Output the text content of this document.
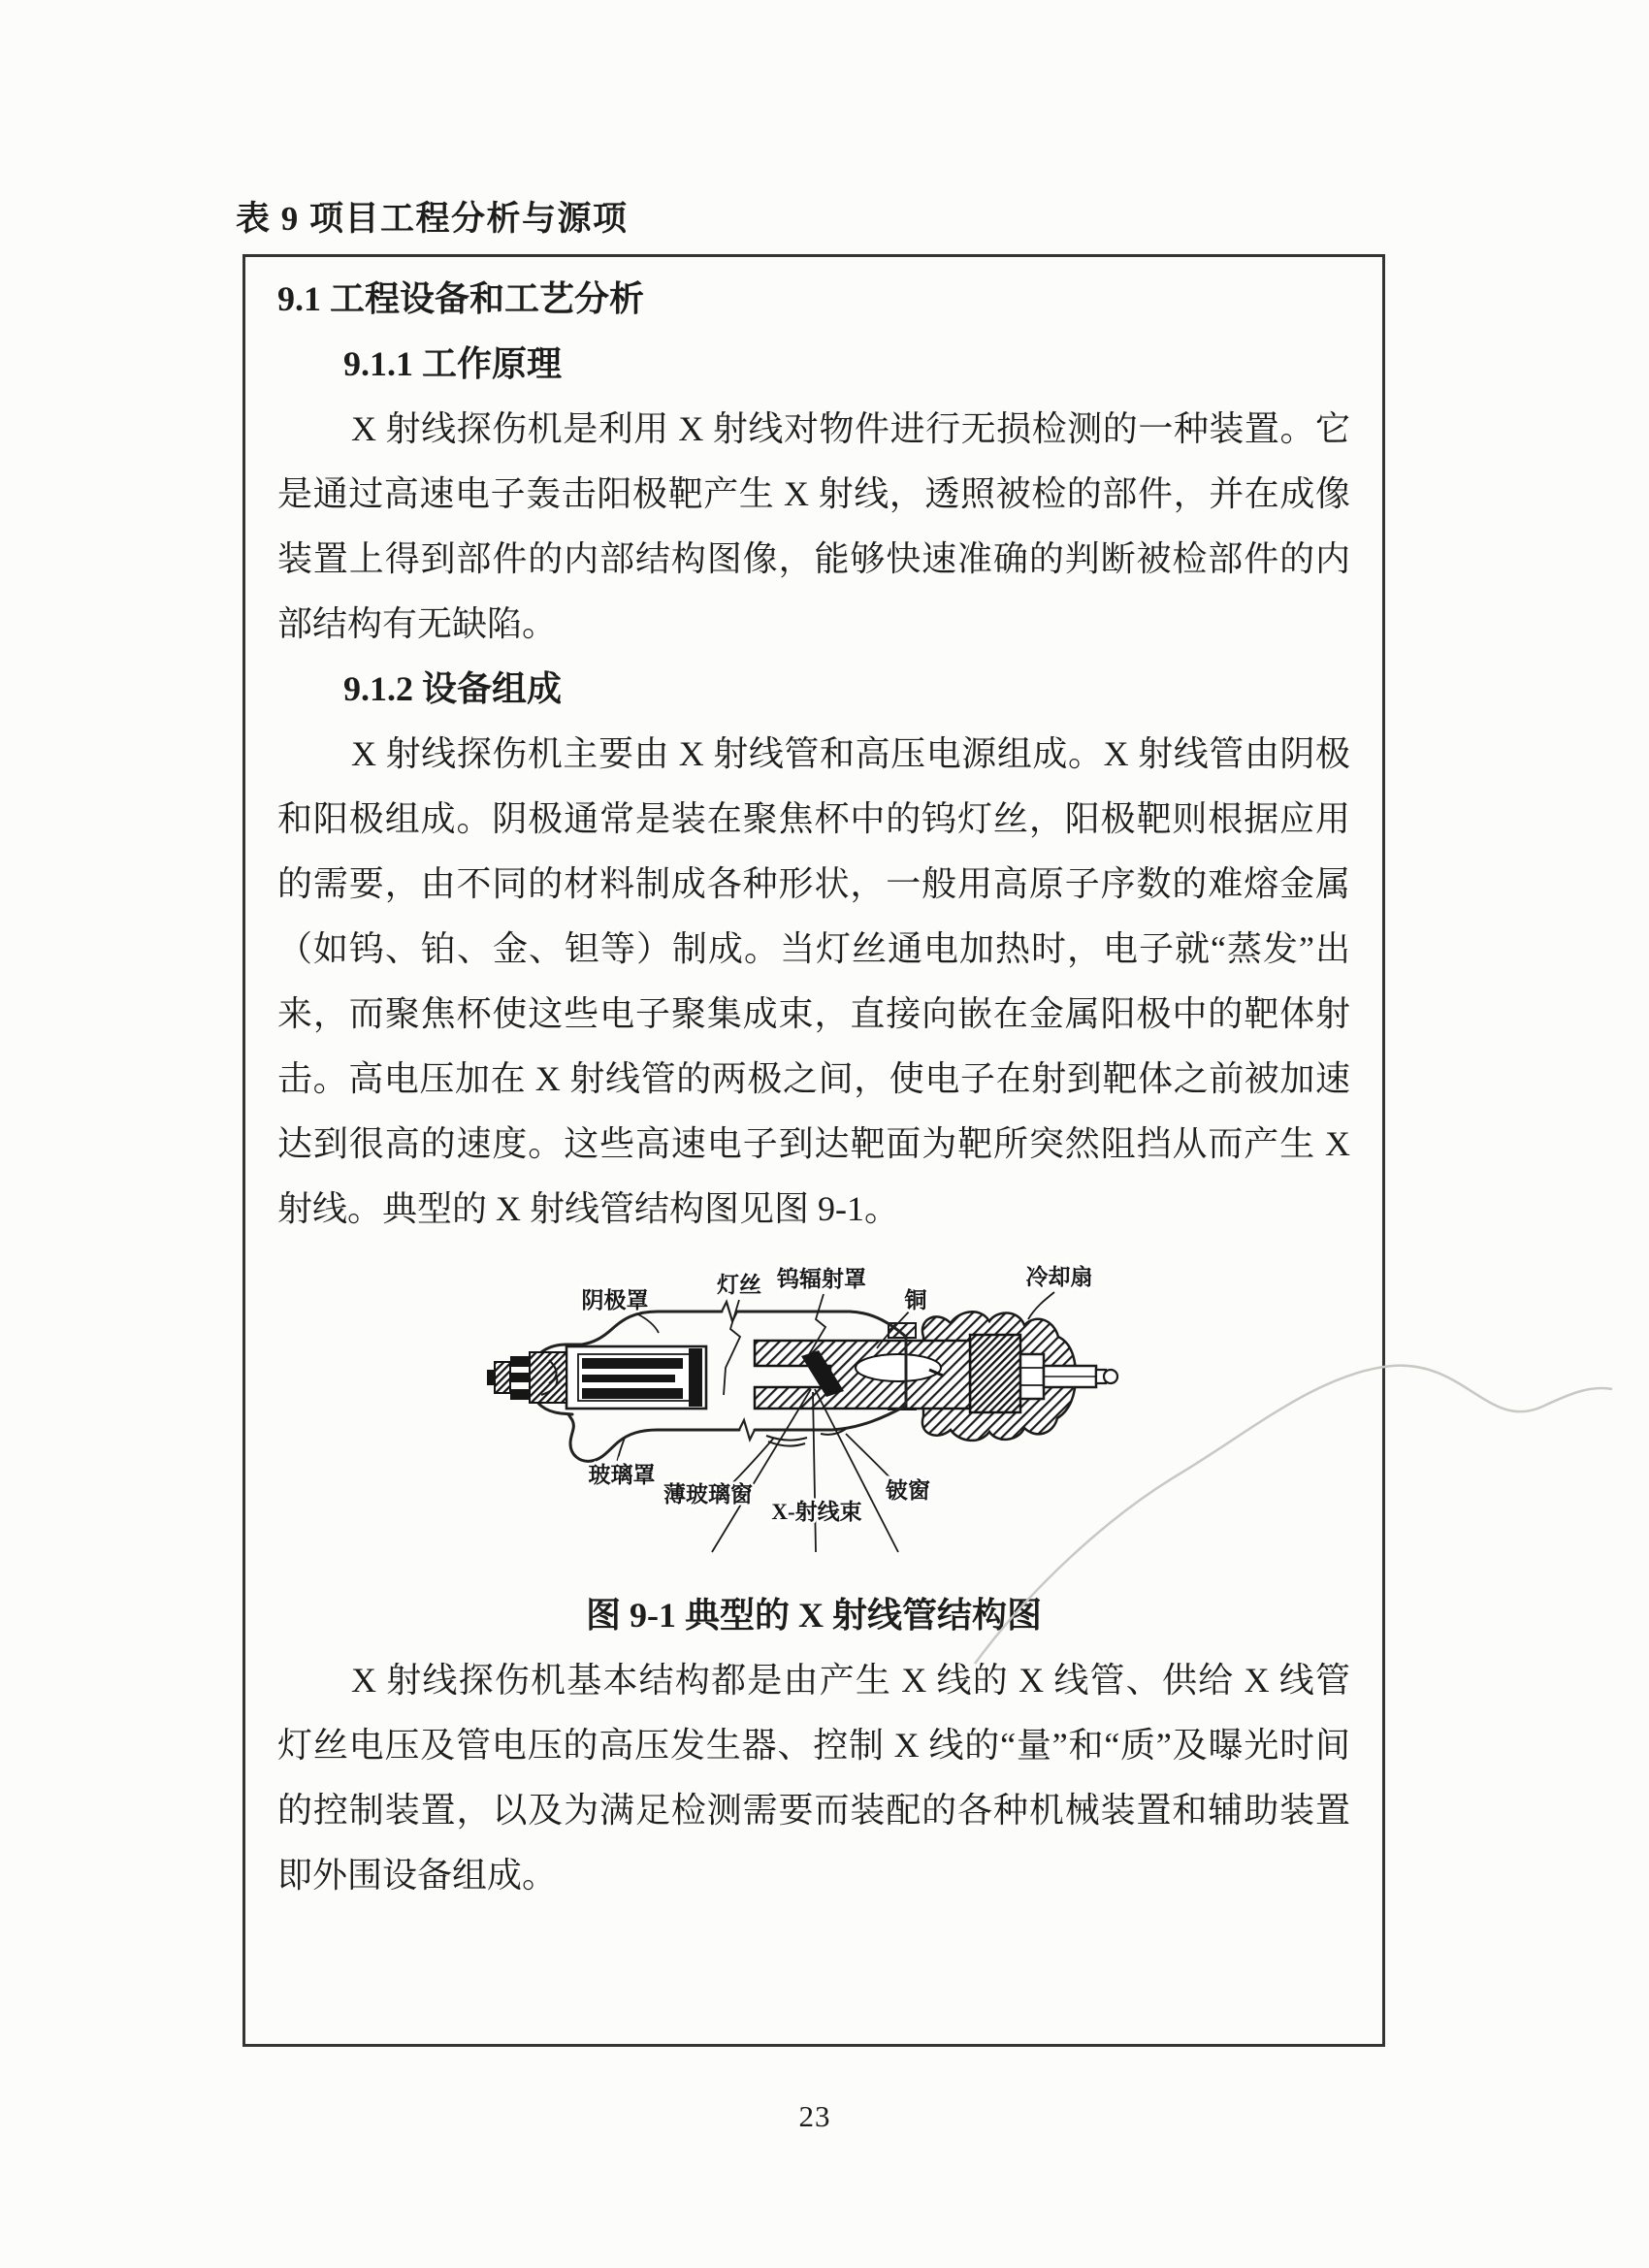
表 9 项目工程分析与源项
9.1 工程设备和工艺分析
9.1.1 工作原理

X 射线探伤机是利用 X 射线对物件进行无损检测的一种装置。它是通过高速电子轰击阳极靶产生 X 射线，透照被检的部件，并在成像装置上得到部件的内部结构图像，能够快速准确的判断被检部件的内部结构有无缺陷。

9.1.2 设备组成

X 射线探伤机主要由 X 射线管和高压电源组成。X 射线管由阴极和阳极组成。阴极通常是装在聚焦杯中的钨灯丝，阳极靶则根据应用的需要，由不同的材料制成各种形状，一般用高原子序数的难熔金属（如钨、铂、金、钽等）制成。当灯丝通电加热时，电子就“蒸发”出来，而聚焦杯使这些电子聚集成束，直接向嵌在金属阳极中的靶体射击。高电压加在 X 射线管的两极之间，使电子在射到靶体之前被加速达到很高的速度。这些高速电子到达靶面为靶所突然阻挡从而产生 X 射线。典型的 X 射线管结构图见图 9-1。

阴极罩
灯丝 钨辐射罩
铜
冷却扇
玻璃罩
薄玻璃窗
X-射线束
铍窗
图 9-1 典型的 X 射线管结构图

X 射线探伤机基本结构都是由产生 X 线的 X 线管、供给 X 线管灯丝电压及管电压的高压发生器、控制 X 线的“量”和“质”及曝光时间的控制装置，以及为满足检测需要而装配的各种机械装置和辅助装置即外围设备组成。

23
